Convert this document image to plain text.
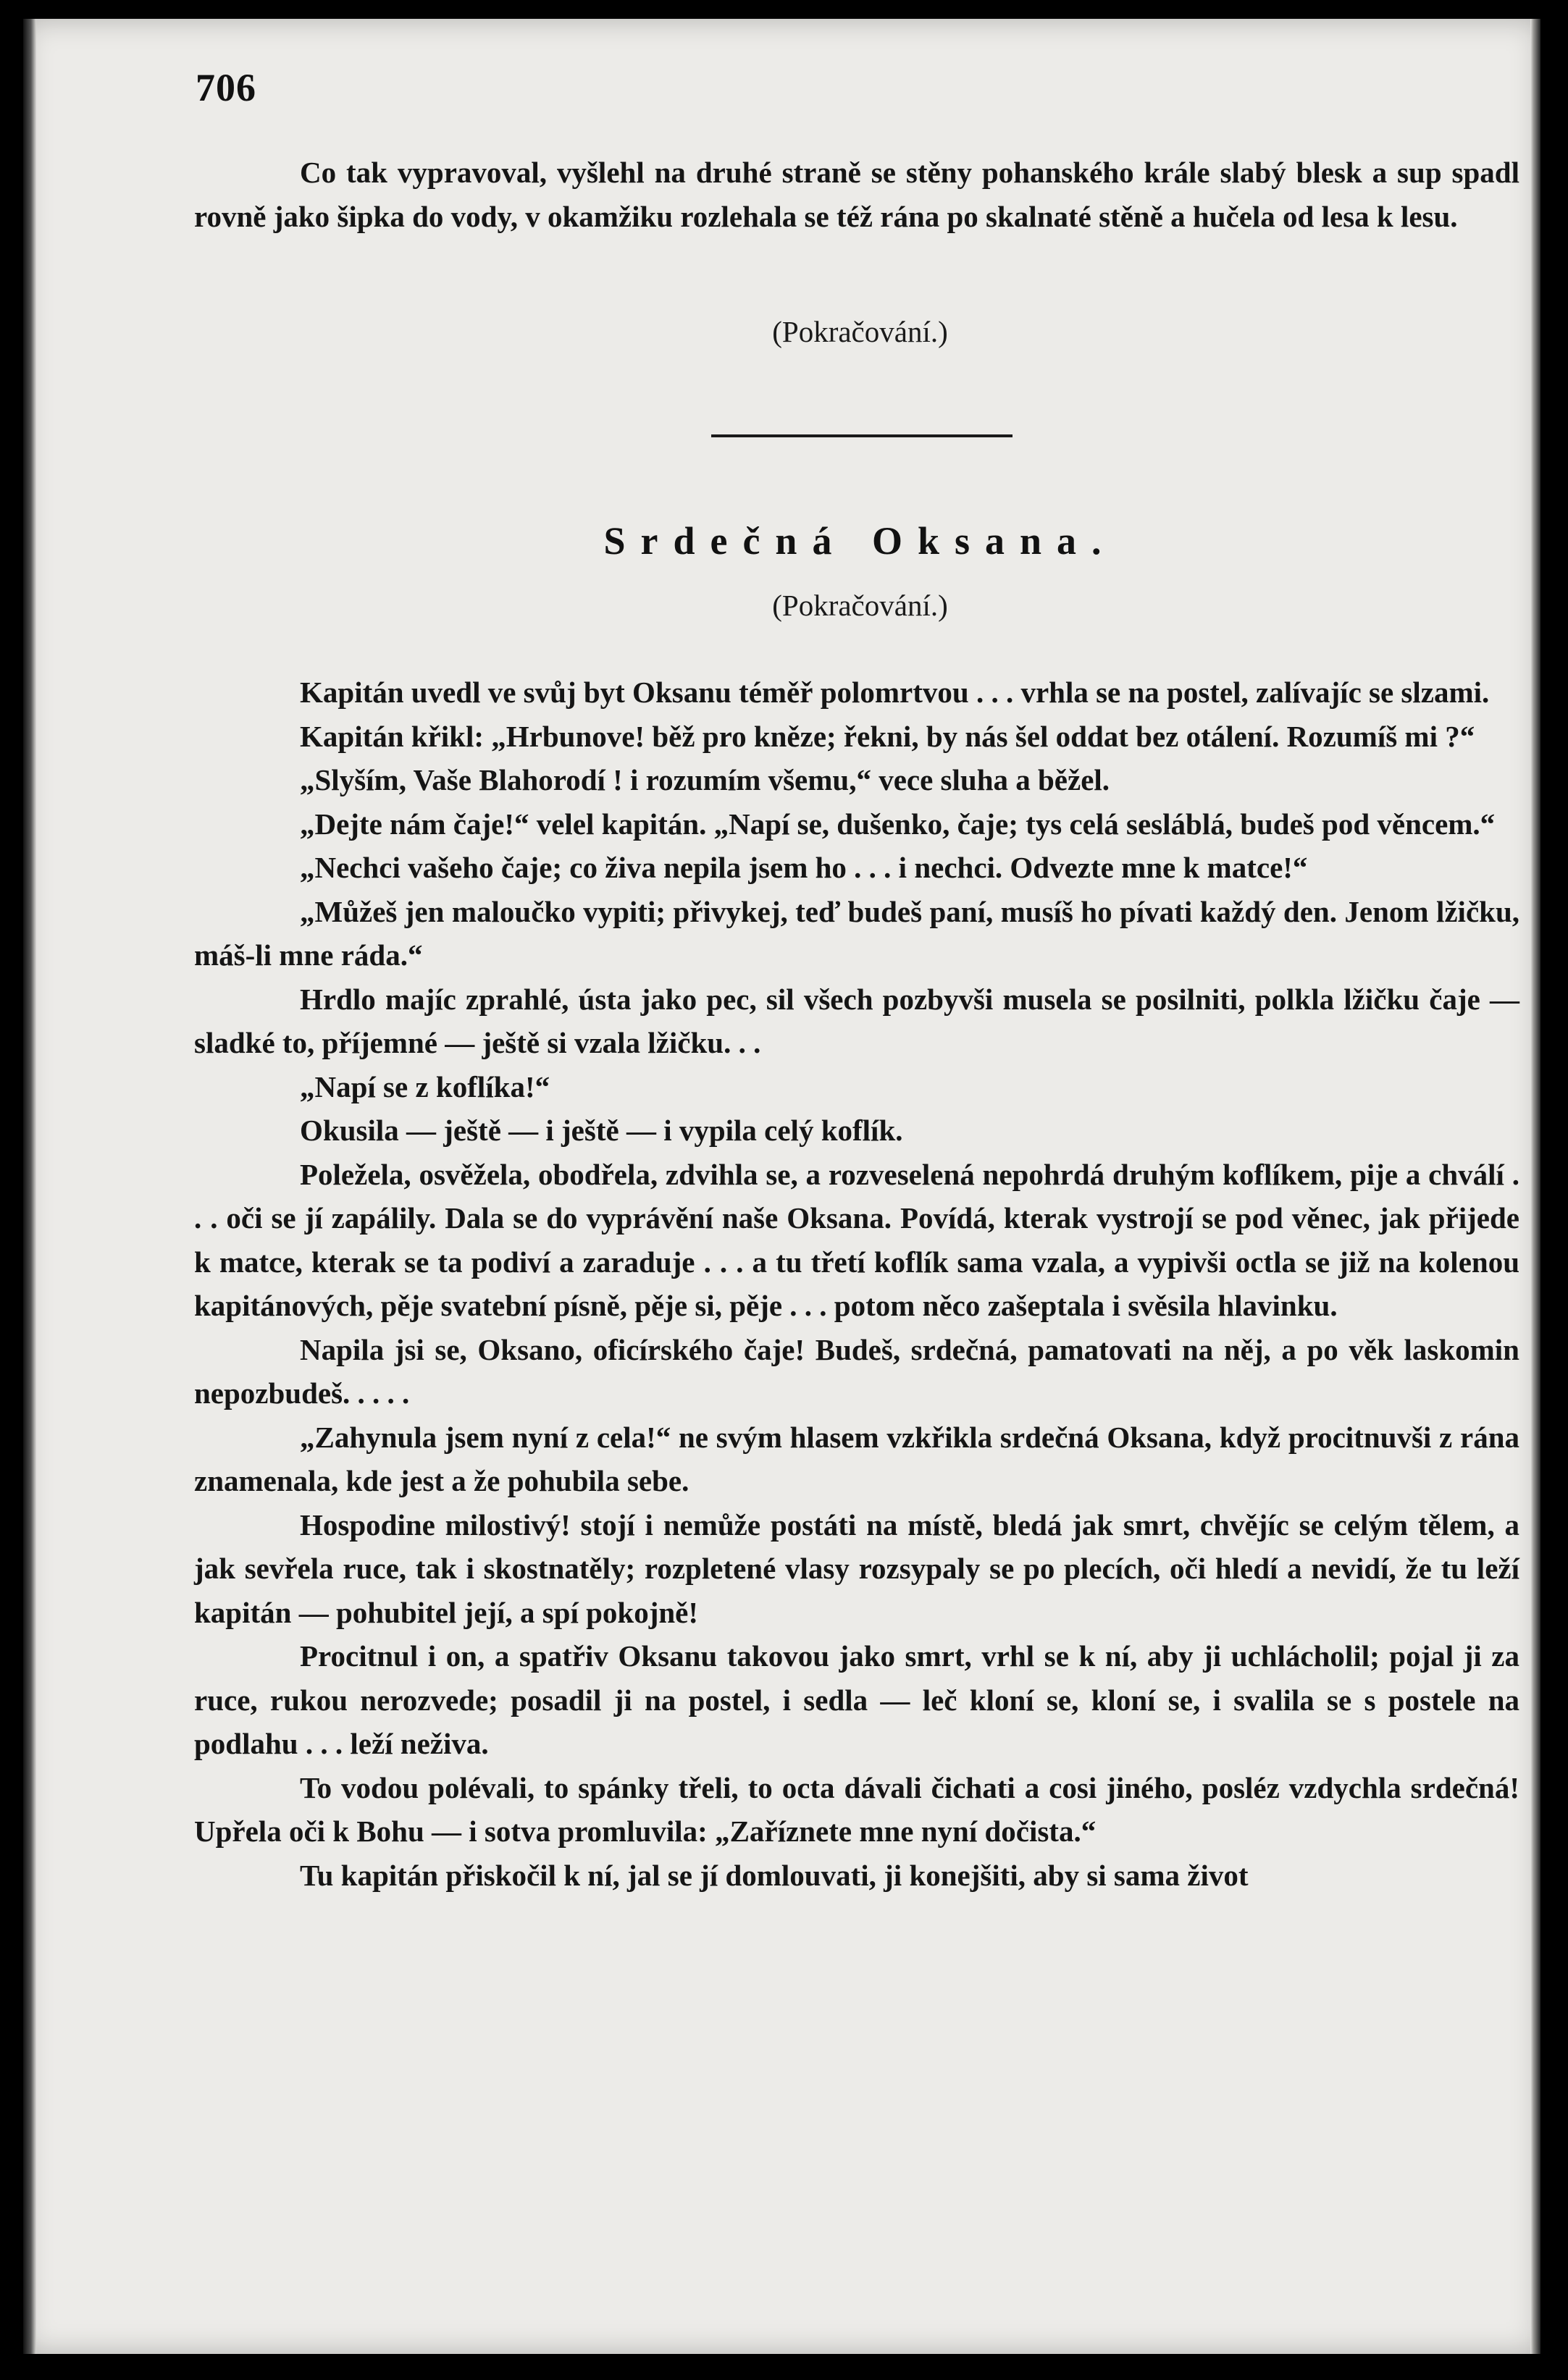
706

Co tak vypravoval, vyšlehl na druhé straně se stěny pohanského krále slabý blesk a sup spadl rovně jako šipka do vody, v okamžiku rozlehala se též rána po skalnaté stěně a hučela od lesa k lesu.

(Pokračování.)
Srdečná Oksana.
(Pokračování.)

Kapitán uvedl ve svůj byt Oksanu téměř polomrtvou . . . vrhla se na postel, zalívajíc se slzami.

Kapitán křikl: „Hrbunove! běž pro kněze; řekni, by nás šel oddat bez otálení. Rozumíš mi ?“

„Slyším, Vaše Blahorodí ! i rozumím všemu,“ vece sluha a běžel.

„Dejte nám čaje!“ velel kapitán. „Napí se, dušenko, čaje; tys celá sesláblá, budeš pod věncem.“

„Nechci vašeho čaje; co živa nepila jsem ho . . . i nechci. Odvezte mne k matce!“

„Můžeš jen maloučko vypiti; přivykej, teď budeš paní, musíš ho pívati každý den. Jenom lžičku, máš-li mne ráda.“

Hrdlo majíc zprahlé, ústa jako pec, sil všech pozbyvši musela se posilniti, polkla lžičku čaje — sladké to, příjemné — ještě si vzala lžičku. . .

„Napí se z koflíka!“

Okusila — ještě — i ještě — i vypila celý koflík.

Poležela, osvěžela, obodřela, zdvihla se, a rozveselená nepohrdá druhým koflíkem, pije a chválí . . . oči se jí zapálily. Dala se do vyprávění naše Oksana. Povídá, kterak vystrojí se pod věnec, jak přijede k matce, kterak se ta podiví a zaraduje . . . a tu třetí koflík sama vzala, a vypivši octla se již na kolenou kapitánových, pěje svatební písně, pěje si, pěje . . . potom něco zašeptala i svěsila hlavinku.

Napila jsi se, Oksano, oficírského čaje! Budeš, srdečná, pamatovati na něj, a po věk laskomin nepozbudeš. . . . .

„Zahynula jsem nyní z cela!“ ne svým hlasem vzkřikla srdečná Oksana, když procitnuvši z rána znamenala, kde jest a že pohubila sebe.

Hospodine milostivý! stojí i nemůže postáti na místě, bledá jak smrt, chvějíc se celým tělem, a jak sevřela ruce, tak i skostnatěly; rozpletené vlasy rozsypaly se po plecích, oči hledí a nevidí, že tu leží kapitán — pohubitel její, a spí pokojně!

Procitnul i on, a spatřiv Oksanu takovou jako smrt, vrhl se k ní, aby ji uchlácholil; pojal ji za ruce, rukou nerozvede; posadil ji na postel, i sedla — leč kloní se, kloní se, i svalila se s postele na podlahu . . . leží neživa.

To vodou polévali, to spánky třeli, to octa dávali čichati a cosi jiného, posléz vzdychla srdečná! Upřela oči k Bohu — i sotva promluvila: „Zaříznete mne nyní dočista.“

Tu kapitán přiskočil k ní, jal se jí domlouvati, ji konejšiti, aby si sama život
